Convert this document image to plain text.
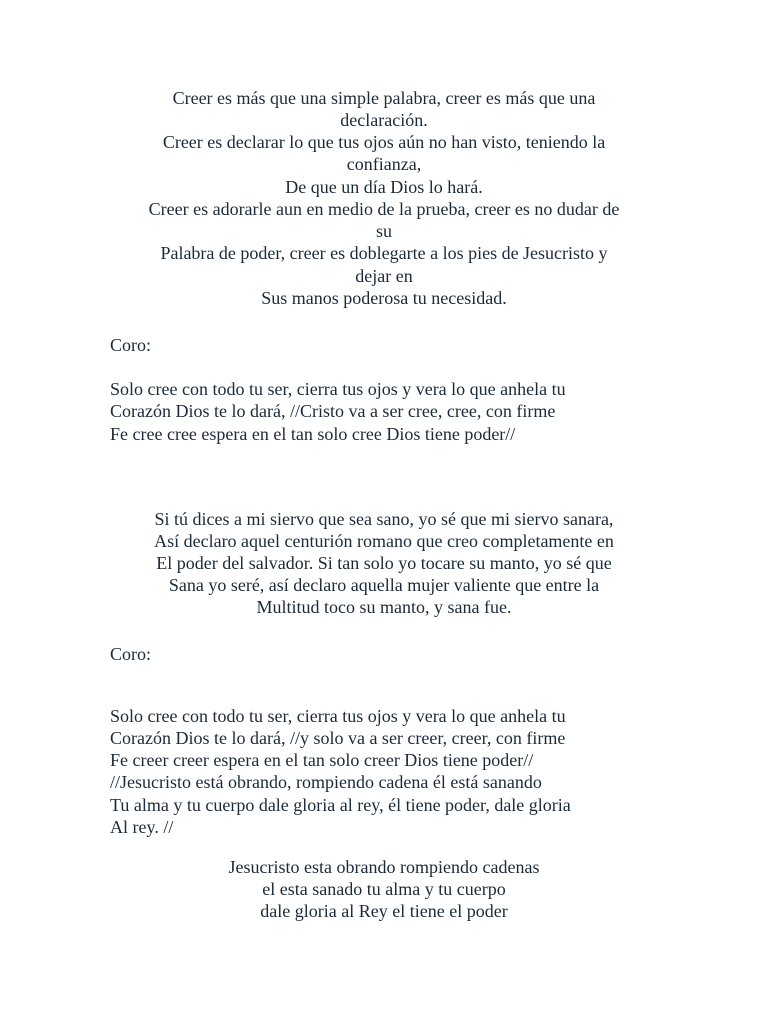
Creer es más que una simple palabra, creer es más que una
declaración.
Creer es declarar lo que tus ojos aún no han visto, teniendo la
confianza,
De que un día Dios lo hará.
Creer es adorarle aun en medio de la prueba, creer es no dudar de
su
Palabra de poder, creer es doblegarte a los pies de Jesucristo y
dejar en
Sus manos poderosa tu necesidad.
Coro:
Solo cree con todo tu ser, cierra tus ojos y vera lo que anhela tu
Corazón Dios te lo dará, //Cristo va a ser cree, cree, con firme
Fe cree cree espera en el tan solo cree Dios tiene poder//
Si tú dices a mi siervo que sea sano, yo sé que mi siervo sanara,
Así declaro aquel centurión romano que creo completamente en
El poder del salvador. Si tan solo yo tocare su manto, yo sé que
Sana yo seré, así declaro aquella mujer valiente que entre la
Multitud toco su manto, y sana fue.
Coro:
Solo cree con todo tu ser, cierra tus ojos y vera lo que anhela tu
Corazón Dios te lo dará, //y solo va a ser creer, creer, con firme
Fe creer creer espera en el tan solo creer Dios tiene poder//
//Jesucristo está obrando, rompiendo cadena él está sanando
Tu alma y tu cuerpo dale gloria al rey, él tiene poder, dale gloria
Al rey. //
Jesucristo esta obrando rompiendo cadenas
el esta sanado tu alma y tu cuerpo
dale gloria al Rey el tiene el poder
